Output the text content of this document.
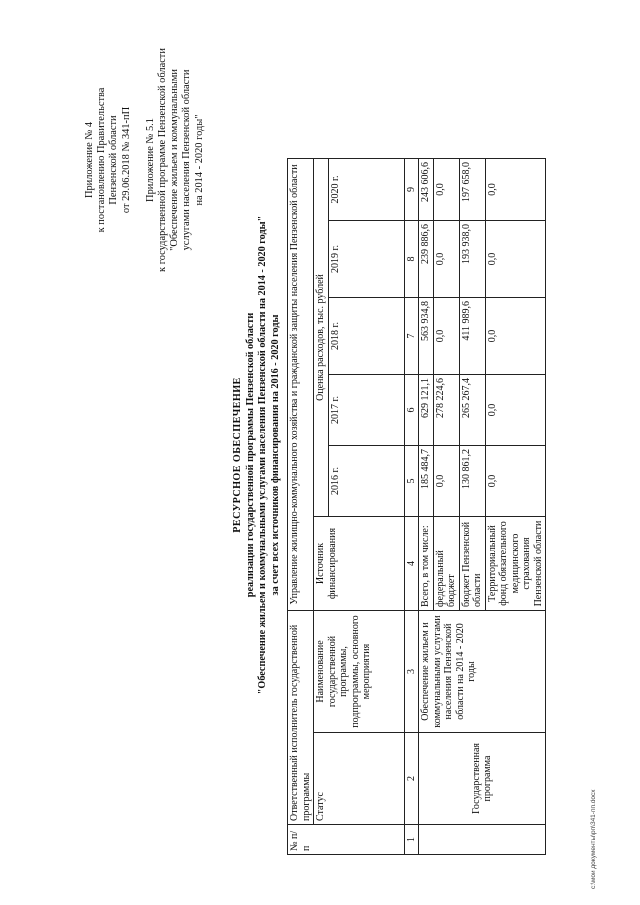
Приложение № 4 к постановлению Правительства Пензенской области от 29.06.2018 № 341-пП Приложение № 5.1 к государственной программе Пензенской области "Обеспечение жильем и коммунальными услугами населения Пензенской области на 2014 - 2020 годы"
РЕСУРСНОЕ ОБЕСПЕЧЕНИЕ реализации государственной программы Пензенской области "Обеспечение жильем и коммунальными услугами населения Пензенской области на 2014 - 2020 годы" за счет всех источников финансирования на 2016 - 2020 годы
№ п/п	Ответственный исполнитель государственной программы		Управление жилищно-коммунального хозяйства и гражданской защиты населения Пензенской области					
	Статус	Наименование государственной программы, подпрограммы, основного мероприятия	Источник финансирования	Оценка расходов, тыс. рублей				
				2016 г.	2017 г.	2018 г.	2019 г.	2020 г.
1	2	3	4	5	6	7	8	9
	Государственная программа	Обеспечение жильем и коммунальными услугами населения Пензенской области на 2014 - 2020 годы	Всего, в том числе:	185 484,7	629 121,1	563 934,8	239 886,6	243 606,6
			федеральный бюджет	0,0	278 224,6	0,0	0,0	0,0
			бюджет Пензенской области	130 861,2	265 267,4	411 989,6	193 938,0	197 658,0
			Территориальный фонд обязательного медицинского страхования Пензенской области	0,0	0,0	0,0	0,0	0,0
c:\мои документы\рп\341-пп.docx
